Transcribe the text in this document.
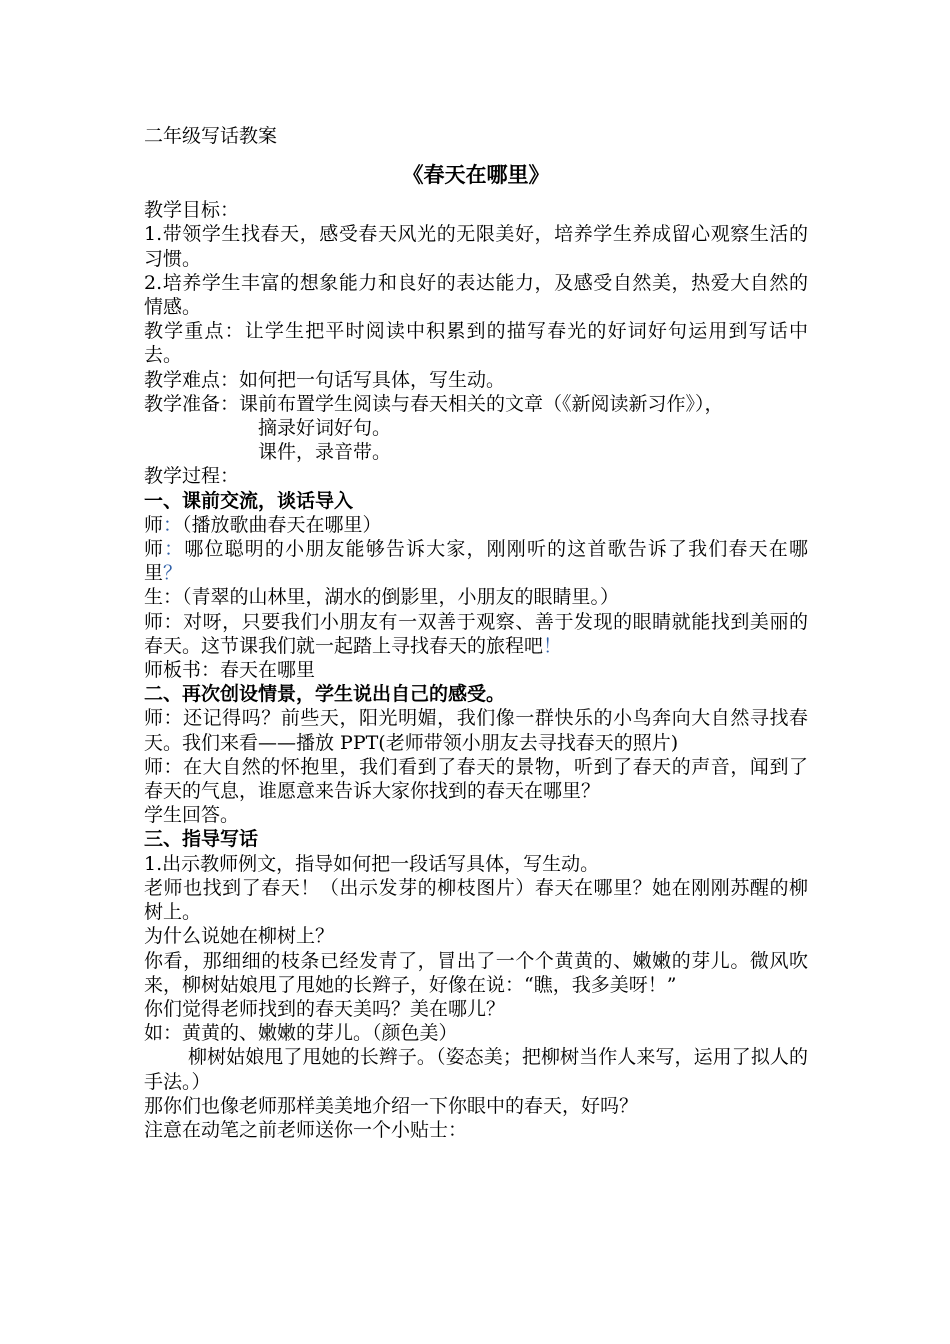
二年级写话教案
《春天在哪里》
教学目标：
1.带领学生找春天，感受春天风光的无限美好，培养学生养成留心观察生活的习惯。
2.培养学生丰富的想象能力和良好的表达能力，及感受自然美，热爱大自然的情感。
教学重点：让学生把平时阅读中积累到的描写春光的好词好句运用到写话中去。
教学难点：如何把一句话写具体，写生动。
教学准备：课前布置学生阅读与春天相关的文章（《新阅读新习作》），
摘录好词好句。
课件，录音带。
教学过程：
一、课前交流，谈话导入
师：（播放歌曲春天在哪里）
师：哪位聪明的小朋友能够告诉大家，刚刚听的这首歌告诉了我们春天在哪里？
生：（青翠的山林里，湖水的倒影里，小朋友的眼睛里。）
师：对呀，只要我们小朋友有一双善于观察、善于发现的眼睛就能找到美丽的春天。这节课我们就一起踏上寻找春天的旅程吧！
师板书：春天在哪里
二、再次创设情景，学生说出自己的感受。
师：还记得吗？前些天，阳光明媚，我们像一群快乐的小鸟奔向大自然寻找春天。我们来看——播放 PPT(老师带领小朋友去寻找春天的照片)
师：在大自然的怀抱里，我们看到了春天的景物，听到了春天的声音，闻到了春天的气息，谁愿意来告诉大家你找到的春天在哪里？
学生回答。
三、指导写话
1.出示教师例文，指导如何把一段话写具体，写生动。
老师也找到了春天！（出示发芽的柳枝图片）春天在哪里？她在刚刚苏醒的柳树上。
为什么说她在柳树上？
你看，那细细的枝条已经发青了，冒出了一个个黄黄的、嫩嫩的芽儿。微风吹来，柳树姑娘甩了甩她的长辫子，好像在说：“瞧，我多美呀！”
你们觉得老师找到的春天美吗？美在哪儿？
如：黄黄的、嫩嫩的芽儿。（颜色美）
柳树姑娘甩了甩她的长辫子。（姿态美；把柳树当作人来写，运用了拟人的手法。）
那你们也像老师那样美美地介绍一下你眼中的春天，好吗？
注意在动笔之前老师送你一个小贴士：
